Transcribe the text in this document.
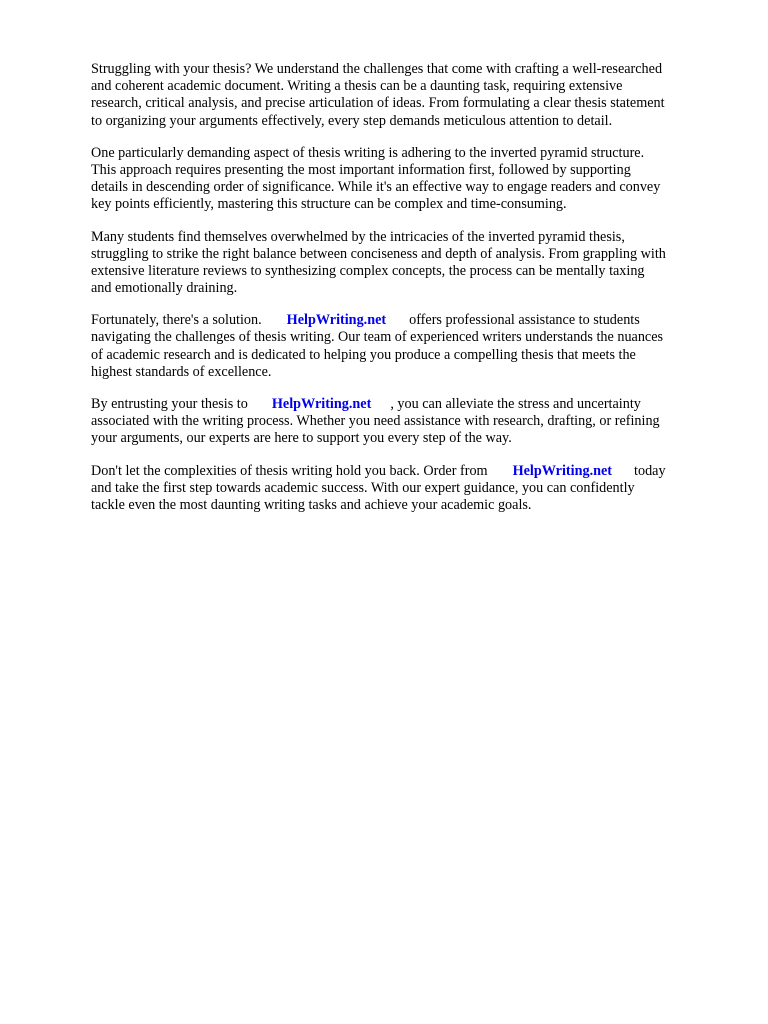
Struggling with your thesis? We understand the challenges that come with crafting a well-researched
and coherent academic document. Writing a thesis can be a daunting task, requiring extensive
research, critical analysis, and precise articulation of ideas. From formulating a clear thesis statement
to organizing your arguments effectively, every step demands meticulous attention to detail.

One particularly demanding aspect of thesis writing is adhering to the inverted pyramid structure.
This approach requires presenting the most important information first, followed by supporting
details in descending order of significance. While it's an effective way to engage readers and convey
key points efficiently, mastering this structure can be complex and time-consuming.

Many students find themselves overwhelmed by the intricacies of the inverted pyramid thesis,
struggling to strike the right balance between conciseness and depth of analysis. From grappling with
extensive literature reviews to synthesizing complex concepts, the process can be mentally taxing
and emotionally draining.

Fortunately, there's a solution. HelpWriting.net offers professional assistance to students
navigating the challenges of thesis writing. Our team of experienced writers understands the nuances
of academic research and is dedicated to helping you produce a compelling thesis that meets the
highest standards of excellence.

By entrusting your thesis to HelpWriting.net , you can alleviate the stress and uncertainty
associated with the writing process. Whether you need assistance with research, drafting, or refining
your arguments, our experts are here to support you every step of the way.

Don't let the complexities of thesis writing hold you back. Order from HelpWriting.net today
and take the first step towards academic success. With our expert guidance, you can confidently
tackle even the most daunting writing tasks and achieve your academic goals.
